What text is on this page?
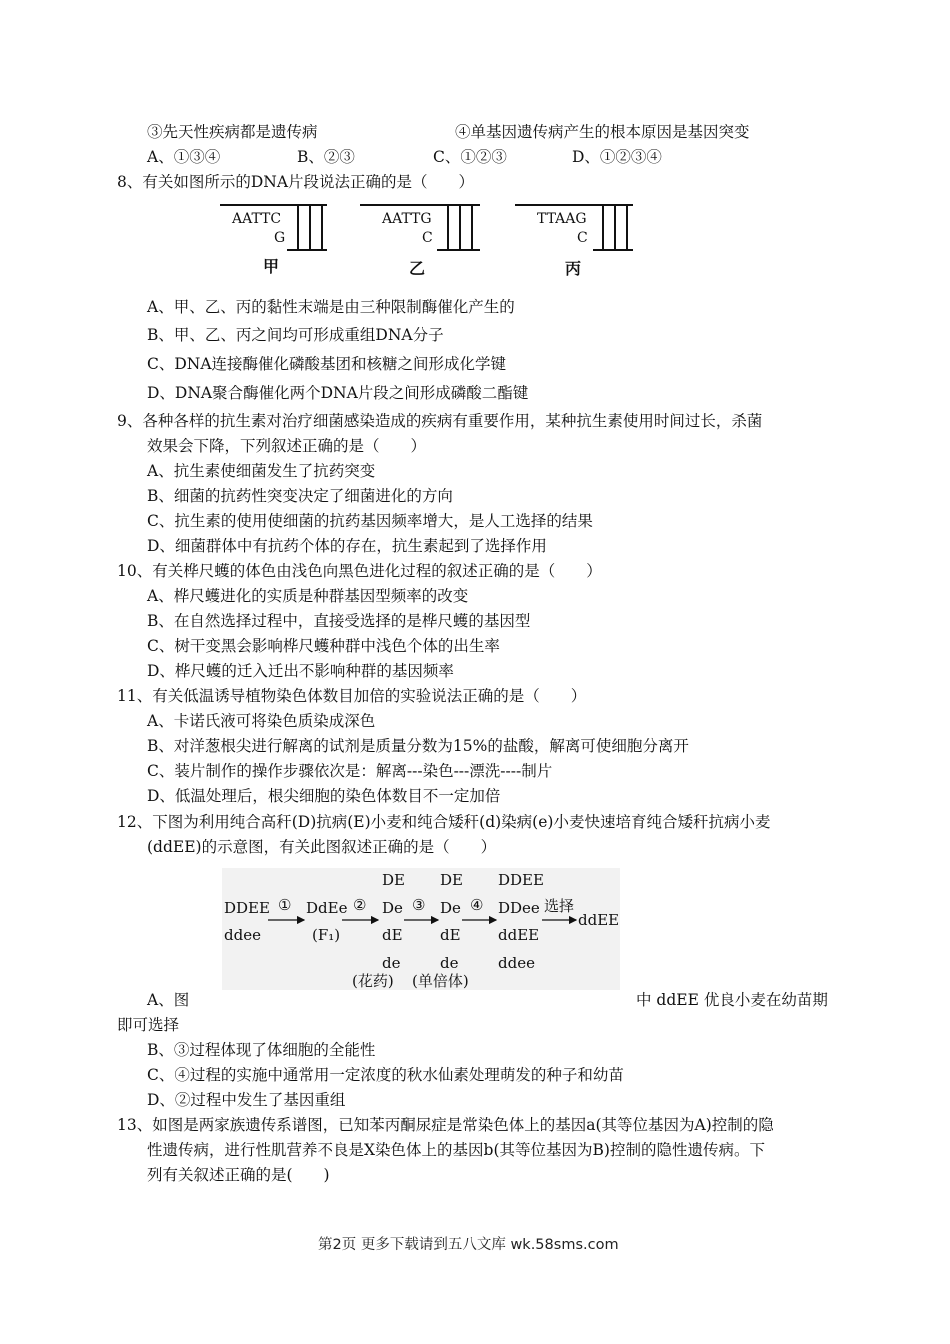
③先天性疾病都是遗传病	④单基因遗传病产生的根本原因是基因突变
A、①③④	B、②③	C、①②③	D、①②③④
8、有关如图所示的DNA片段说法正确的是（　　）
AATTC
G
甲
AATTG
C
乙
TTAAG
C
丙
A、甲、乙、丙的黏性末端是由三种限制酶催化产生的
B、甲、乙、丙之间均可形成重组DNA分子
C、DNA连接酶催化磷酸基团和核糖之间形成化学键
D、DNA聚合酶催化两个DNA片段之间形成磷酸二酯键
9、各种各样的抗生素对治疗细菌感染造成的疾病有重要作用，某种抗生素使用时间过长，杀菌
效果会下降，下列叙述正确的是（　　）
A、抗生素使细菌发生了抗药突变
B、细菌的抗药性突变决定了细菌进化的方向
C、抗生素的使用使细菌的抗药基因频率增大，是人工选择的结果
D、细菌群体中有抗药个体的存在，抗生素起到了选择作用
10、有关桦尺蠖的体色由浅色向黑色进化过程的叙述正确的是（　　）
A、桦尺蠖进化的实质是种群基因型频率的改变
B、在自然选择过程中，直接受选择的是桦尺蠖的基因型
C、树干变黑会影响桦尺蠖种群中浅色个体的出生率
D、桦尺蠖的迁入迁出不影响种群的基因频率
11、有关低温诱导植物染色体数目加倍的实验说法正确的是（　　）
A、卡诺氏液可将染色质染成深色
B、对洋葱根尖进行解离的试剂是质量分数为15%的盐酸，解离可使细胞分离开
C、装片制作的操作步骤依次是：解离---染色---漂洗----制片
D、低温处理后，根尖细胞的染色体数目不一定加倍
12、下图为利用纯合高秆(D)抗病(E)小麦和纯合矮秆(d)染病(e)小麦快速培育纯合矮秆抗病小麦
(ddEE)的示意图，有关此图叙述正确的是（　　）
DDEE
ddee
① DdEe
(F₁)
②
DE
De
dE
de
③
DE
De
dE
de
④
DDEE
DDee
ddEE
ddee
选择
ddEE
(花药) (单倍体)
A、图	中 ddEE 优良小麦在幼苗期
即可选择
B、③过程体现了体细胞的全能性
C、④过程的实施中通常用一定浓度的秋水仙素处理萌发的种子和幼苗
D、②过程中发生了基因重组
13、如图是两家族遗传系谱图，已知苯丙酮尿症是常染色体上的基因a(其等位基因为A)控制的隐
性遗传病，进行性肌营养不良是X染色体上的基因b(其等位基因为B)控制的隐性遗传病。下
列有关叙述正确的是(　　)
第2页 更多下载请到五八文库 wk.58sms.com
